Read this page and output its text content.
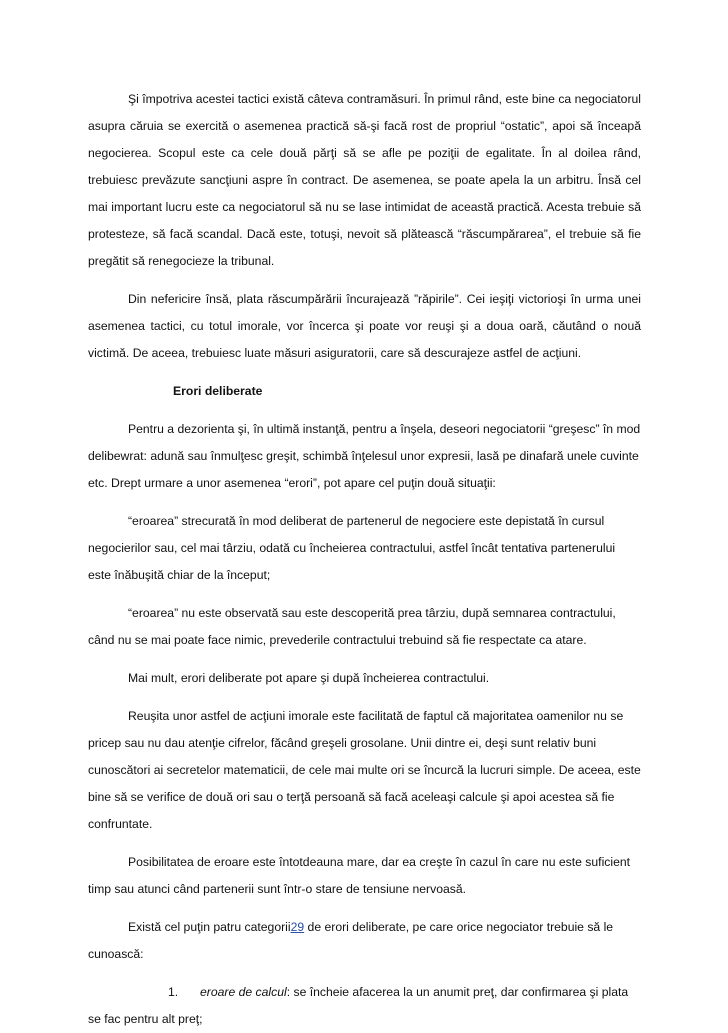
Şi împotriva acestei tactici există câteva contramăsuri. În primul rând, este bine ca negociatorul asupra căruia se exercită o asemenea practică să-şi facă rost de propriul “ostatic”, apoi să înceapă negocierea. Scopul este ca cele două părţi să se afle pe poziţii de egalitate. În al doilea rând, trebuiesc prevăzute sancţiuni aspre în contract. De asemenea, se poate apela la un arbitru. Însă cel mai important lucru este ca negociatorul să nu se lase intimidat de această practică. Acesta trebuie să protesteze, să facă scandal. Dacă este, totuşi, nevoit să plătească “răscumpărarea”, el trebuie să fie pregătit să renegocieze la tribunal.

Din nefericire însă, plata răscumpărării încurajează ”răpirile”. Cei ieşiţi victorioşi în urma unei asemenea tactici, cu totul imorale, vor încerca şi poate vor reuşi şi a doua oară, căutând o nouă victimă. De aceea, trebuiesc luate măsuri asiguratorii, care să descurajeze astfel de acţiuni.

Erori deliberate

Pentru a dezorienta şi, în ultimă instanţă, pentru a înşela, deseori negociatorii “greşesc” în mod delibewrat: adună sau înmulţesc greşit, schimbă înţelesul unor expresii, lasă pe dinafară unele cuvinte etc. Drept urmare a unor asemenea “erori”, pot apare cel puţin două situaţii:

“eroarea” strecurată în mod deliberat de partenerul de negociere este depistată în cursul negocierilor sau, cel mai târziu, odată cu încheierea contractului, astfel încât tentativa partenerului este înăbuşită chiar de la început;

“eroarea” nu este observată sau este descoperită prea târziu, după semnarea contractului, când nu se mai poate face nimic, prevederile contractului trebuind să fie respectate ca atare.

Mai mult, erori deliberate pot apare şi după încheierea contractului.

Reuşita unor astfel de acţiuni imorale este facilitată de faptul că majoritatea oamenilor nu se pricep sau nu dau atenţie cifrelor, făcând greşeli grosolane. Unii dintre ei, deşi sunt relativ buni cunoscători ai secretelor matematicii, de cele mai multe ori se încurcă la lucruri simple. De aceea, este bine să se verifice de două ori sau o terţă persoană să facă aceleaşi calcule şi apoi acestea să fie confruntate.

Posibilitatea de eroare este întotdeauna mare, dar ea creşte în cazul în care nu este suficient timp sau atunci când partenerii sunt într-o stare de tensiune nervoasă.

Există cel puţin patru categorii29 de erori deliberate, pe care orice negociator trebuie să le cunoască:

1. eroare de calcul: se încheie afacerea la un anumit preţ, dar confirmarea şi plata se fac pentru alt preţ;
